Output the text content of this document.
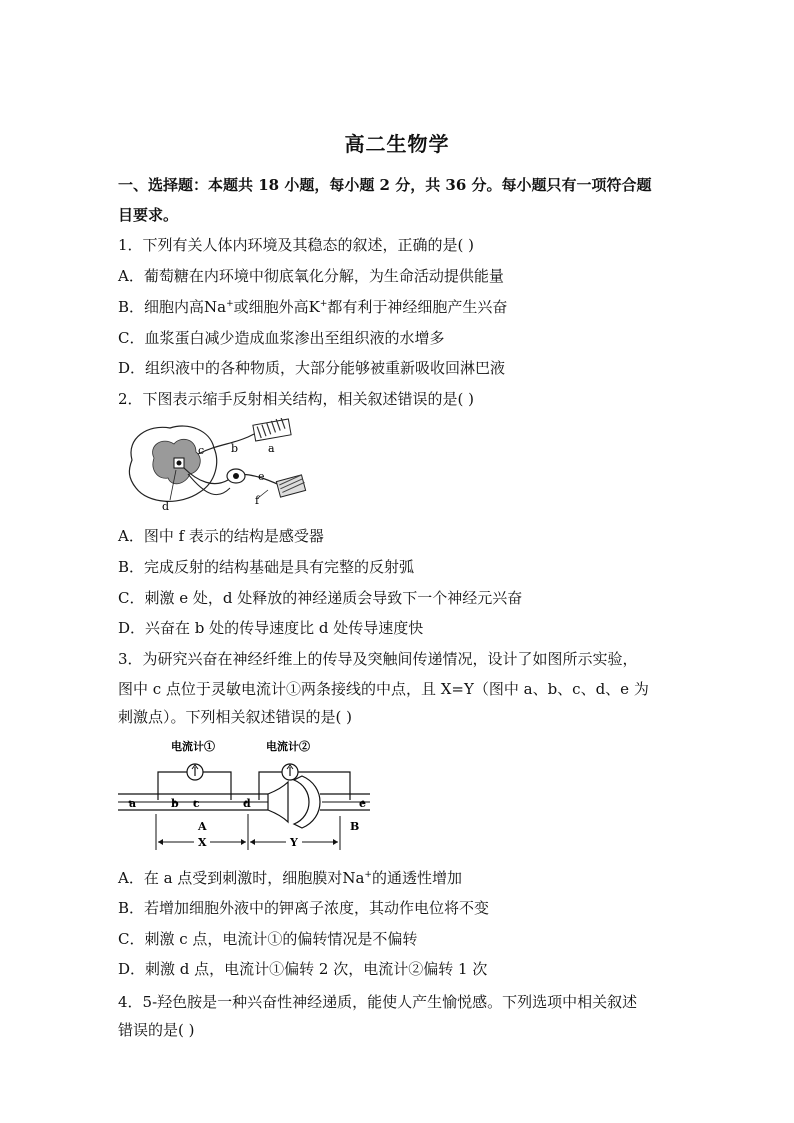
高二生物学
一、选择题：本题共 18 小题，每小题 2 分，共 36 分。每小题只有一项符合题
目要求。
1．下列有关人体内环境及其稳态的叙述，正确的是( )
A．葡萄糖在内环境中彻底氧化分解，为生命活动提供能量
B．细胞内高Na+或细胞外高K+都有利于神经细胞产生兴奋
C．血浆蛋白减少造成血浆渗出至组织液的水增多
D．组织液中的各种物质，大部分能够被重新吸收回淋巴液
2．下图表示缩手反射相关结构，相关叙述错误的是( )
b	a
c
e
d	f
A．图中 f 表示的结构是感受器
B．完成反射的结构基础是具有完整的反射弧
C．刺激 e 处，d 处释放的神经递质会导致下一个神经元兴奋
D．兴奋在 b 处的传导速度比 d 处传导速度快
3．为研究兴奋在神经纤维上的传导及突触间传递情况，设计了如图所示实验，
图中 c 点位于灵敏电流计①两条接线的中点，且 X=Y（图中 a、b、c、d、e 为
刺激点）。下列相关叙述错误的是( )
电流计①	电流计②
a	b c	d	e
A	B
X	Y
A．在 a 点受到刺激时，细胞膜对Na+的通透性增加
B．若增加细胞外液中的钾离子浓度，其动作电位将不变
C．刺激 c 点，电流计①的偏转情况是不偏转
D．刺激 d 点，电流计①偏转 2 次，电流计②偏转 1 次
4．5-羟色胺是一种兴奋性神经递质，能使人产生愉悦感。下列选项中相关叙述
错误的是( )
